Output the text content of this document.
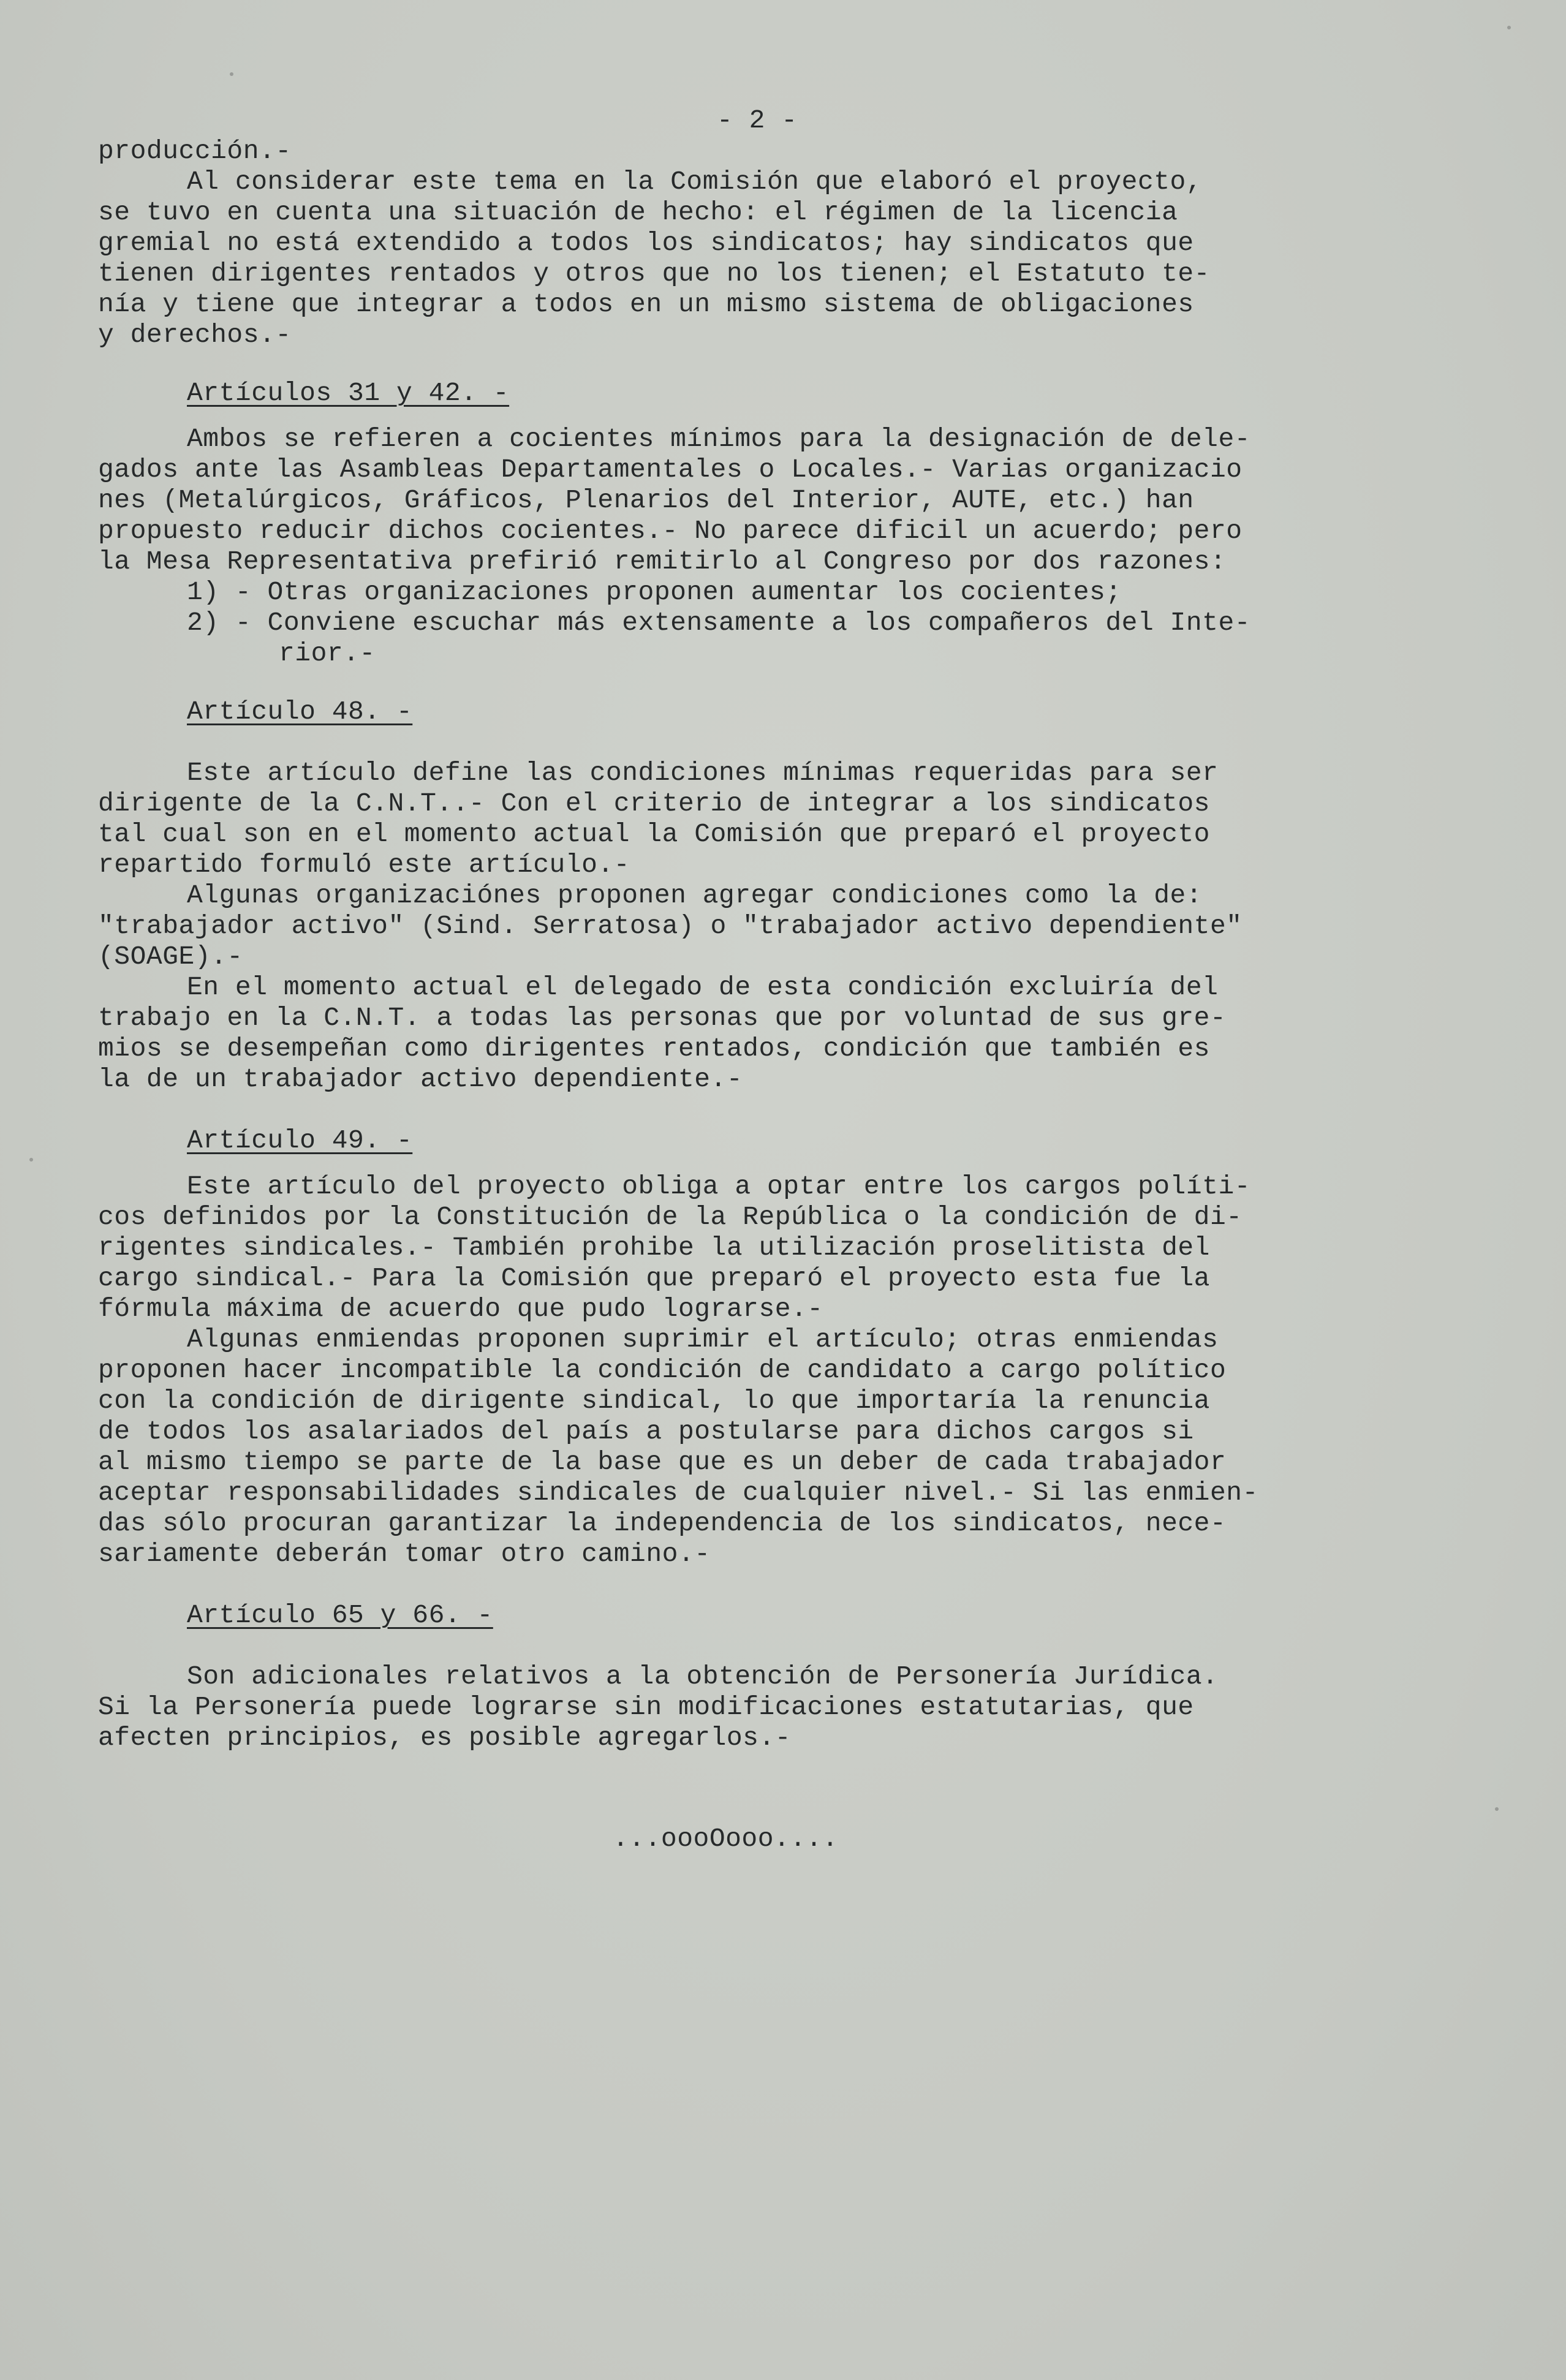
- 2 -
producción.-
Al considerar este tema en la Comisión que elaboró el proyecto,
se tuvo en cuenta una situación de hecho: el régimen de la licencia
gremial no está extendido a todos los sindicatos; hay sindicatos que
tienen dirigentes rentados y otros que no los tienen; el Estatuto te-
nía y tiene que integrar a todos en un mismo sistema de obligaciones
y derechos.-
Artículos 31 y 42. -
Ambos se refieren a cocientes mínimos para la designación de dele-
gados ante las Asambleas Departamentales o Locales.- Varias organizacio
nes (Metalúrgicos, Gráficos, Plenarios del Interior, AUTE, etc.) han
propuesto reducir dichos cocientes.- No parece dificil un acuerdo; pero
la Mesa Representativa prefirió remitirlo al Congreso por dos razones:
1) - Otras organizaciones proponen aumentar los cocientes;
2) - Conviene escuchar más extensamente a los compañeros del Inte-
rior.-
Artículo 48. -
Este artículo define las condiciones mínimas requeridas para ser
dirigente de la C.N.T..- Con el criterio de integrar a los sindicatos
tal cual son en el momento actual la Comisión que preparó el proyecto
repartido formuló este artículo.-
Algunas organizaciónes proponen agregar condiciones como la de:
"trabajador activo" (Sind. Serratosa) o "trabajador activo dependiente"
(SOAGE).-
En el momento actual el delegado de esta condición excluiría del
trabajo en la C.N.T. a todas las personas que por voluntad de sus gre-
mios se desempeñan como dirigentes rentados, condición que también es
la de un trabajador activo dependiente.-
Artículo 49. -
Este artículo del proyecto obliga a optar entre los cargos políti-
cos definidos por la Constitución de la República o la condición de di-
rigentes sindicales.- También prohibe la utilización proselitista del
cargo sindical.- Para la Comisión que preparó el proyecto esta fue la
fórmula máxima de acuerdo que pudo lograrse.-
Algunas enmiendas proponen suprimir el artículo; otras enmiendas
proponen hacer incompatible la condición de candidato a cargo político
con la condición de dirigente sindical, lo que importaría la renuncia
de todos los asalariados del país a postularse para dichos cargos si
al mismo tiempo se parte de la base que es un deber de cada trabajador
aceptar responsabilidades sindicales de cualquier nivel.- Si las enmien-
das sólo procuran garantizar la independencia de los sindicatos, nece-
sariamente deberán tomar otro camino.-
Artículo 65 y 66. -
Son adicionales relativos a la obtención de Personería Jurídica.
Si la Personería puede lograrse sin modificaciones estatutarias, que
afecten principios, es posible agregarlos.-
...oooOooo....
